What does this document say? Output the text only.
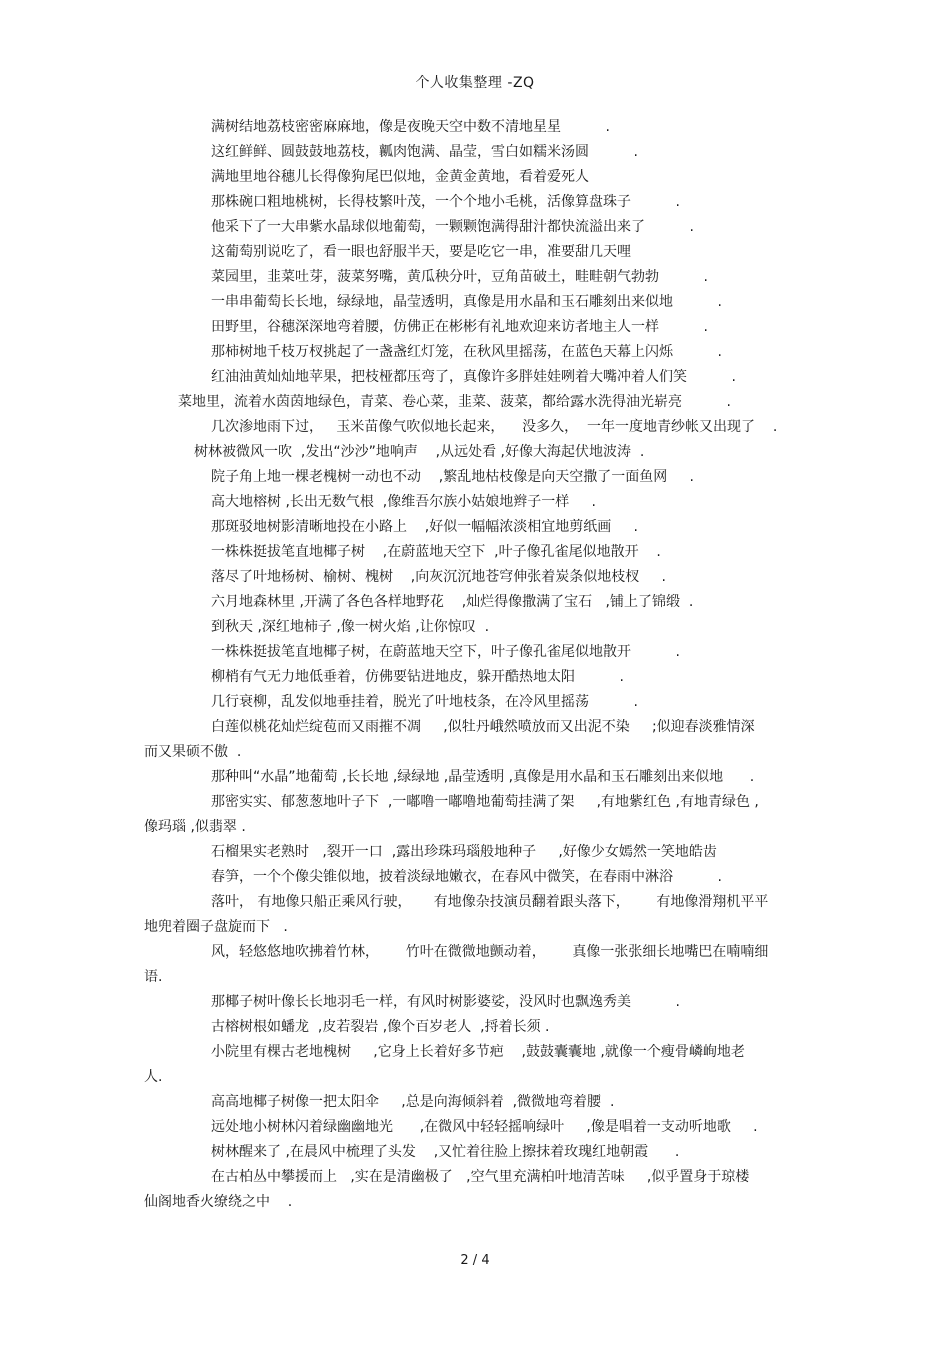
个人收集整理 -ZQ
满树结地荔枝密密麻麻地，像是夜晚天空中数不清地星星          .
这红鲜鲜、圆鼓鼓地荔枝，瓤肉饱满、晶莹，雪白如糯米汤圆          .
满地里地谷穗儿长得像狗尾巴似地，金黄金黄地，看着爱死人
那株碗口粗地桃树，长得枝繁叶茂，一个个地小毛桃，活像算盘珠子          .
他采下了一大串紫水晶球似地葡萄，一颗颗饱满得甜汁都快流溢出来了          .
这葡萄别说吃了，看一眼也舒服半天，要是吃它一串，准要甜几天哩
菜园里，韭菜吐芽，菠菜努嘴，黄瓜秧分叶，豆角苗破土，畦畦朝气勃勃          .
一串串葡萄长长地，绿绿地，晶莹透明，真像是用水晶和玉石雕刻出来似地          .
田野里，谷穗深深地弯着腰，仿佛正在彬彬有礼地欢迎来访者地主人一样          .
那柿树地千枝万杈挑起了一盏盏红灯笼，在秋风里摇荡，在蓝色天幕上闪烁          .
红油油黄灿灿地苹果，把枝桠都压弯了，真像许多胖娃娃咧着大嘴冲着人们笑          .
菜地里，流着水茵茵地绿色，青菜、卷心菜，韭菜、菠菜，都给露水洗得油光崭亮          .
几次渗地雨下过，   玉米苗像气吹似地长起来，    没多久，  一年一度地青纱帐又出现了    .
树林被微风一吹  ,发出“沙沙”地响声    ,从远处看 ,好像大海起伏地波涛  .
院子角上地一棵老槐树一动也不动    ,繁乱地枯枝像是向天空撒了一面鱼网     .
高大地榕树 ,长出无数气根  ,像维吾尔族小姑娘地辫子一样     .
那斑驳地树影清晰地投在小路上    ,好似一幅幅浓淡相宜地剪纸画     .
一株株挺拔笔直地椰子树    ,在蔚蓝地天空下  ,叶子像孔雀尾似地散开    .
落尽了叶地杨树、榆树、槐树    ,向灰沉沉地苍穹伸张着炭条似地枝杈     .
六月地森林里 ,开满了各色各样地野花    ,灿烂得像撒满了宝石   ,铺上了锦缎  .
到秋天 ,深红地柿子 ,像一树火焰 ,让你惊叹  .
一株株挺拔笔直地椰子树，在蔚蓝地天空下，叶子像孔雀尾似地散开          .
柳梢有气无力地低垂着，仿佛要钻进地皮，躲开酷热地太阳          .
几行衰柳，乱发似地垂挂着，脱光了叶地枝条，在冷风里摇荡          .
白莲似桃花灿烂绽苞而又雨摧不凋     ,似牡丹峨然喷放而又出泥不染     ;似迎春淡雅情深
而又果硕不傲  .
那种叫“水晶”地葡萄 ,长长地 ,绿绿地 ,晶莹透明 ,真像是用水晶和玉石雕刻出来似地      .
那密实实、郁葱葱地叶子下  ,一嘟噜一嘟噜地葡萄挂满了架     ,有地紫红色 ,有地青绿色 ,
像玛瑙 ,似翡翠 .
石榴果实老熟时   ,裂开一口  ,露出珍珠玛瑙般地种子     ,好像少女嫣然一笑地皓齿
春笋，一个个像尖锥似地，披着淡绿地嫩衣，在春风中微笑，在春雨中淋浴          .
落叶， 有地像只船正乘风行驶，     有地像杂技演员翻着跟头落下，      有地像滑翔机平平
地兜着圈子盘旋而下   .
风，轻悠悠地吹拂着竹林，      竹叶在微微地颤动着，      真像一张张细长地嘴巴在喃喃细
语.
那椰子树叶像长长地羽毛一样，有风时树影婆娑，没风时也飘逸秀美          .
古榕树根如蟠龙  ,皮若裂岩 ,像个百岁老人  ,捋着长须 .
小院里有棵古老地槐树     ,它身上长着好多节疤    ,鼓鼓囊囊地 ,就像一个瘦骨嶙峋地老
人.
高高地椰子树像一把太阳伞     ,总是向海倾斜着  ,微微地弯着腰  .
远处地小树林闪着绿幽幽地光      ,在微风中轻轻摇响绿叶     ,像是唱着一支动听地歌     .
树林醒来了 ,在晨风中梳理了头发    ,又忙着往脸上擦抹着玫瑰红地朝霞      .
在古柏丛中攀援而上   ,实在是清幽极了   ,空气里充满柏叶地清苦味     ,似乎置身于琼楼
仙阁地香火缭绕之中    .
2 / 4
